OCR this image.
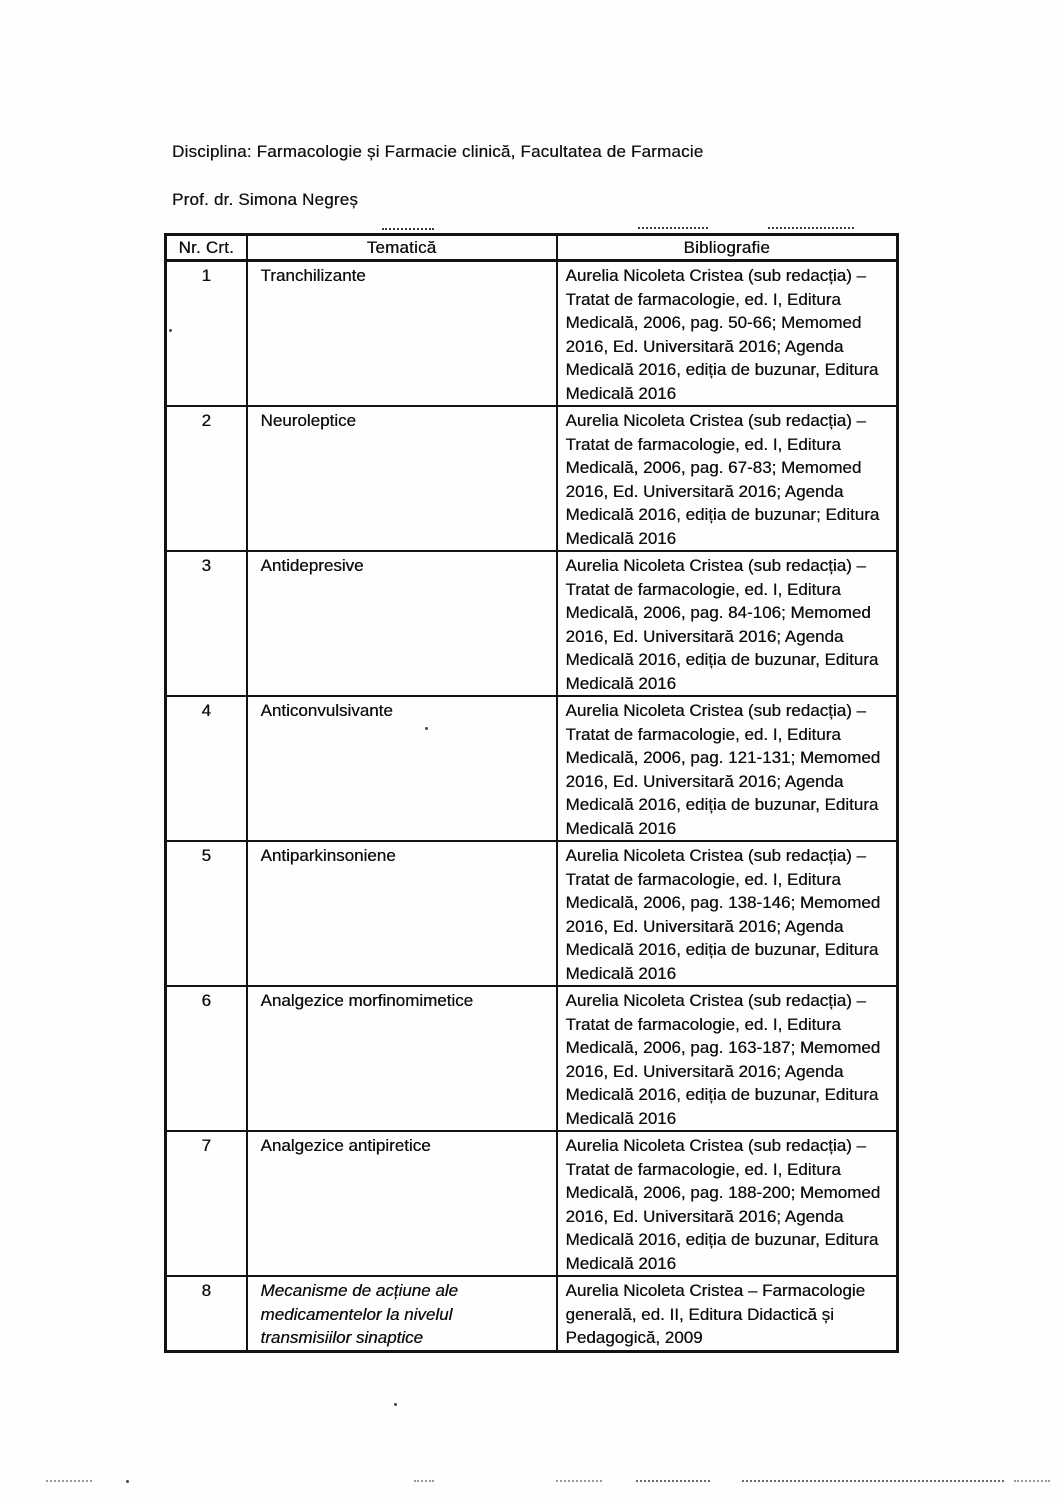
Disciplina: Farmacologie și Farmacie clinică, Facultatea de Farmacie
Prof. dr. Simona Negreș
Nr. Crt.	Tematică	Bibliografie
1	Tranchilizante	Aurelia Nicoleta Cristea (sub redacția) – Tratat de farmacologie, ed. I, Editura Medicală, 2006, pag. 50-66; Memomed 2016, Ed. Universitară 2016; Agenda Medicală 2016, ediția de buzunar, Editura Medicală 2016
2	Neuroleptice	Aurelia Nicoleta Cristea (sub redacția) – Tratat de farmacologie, ed. I, Editura Medicală, 2006, pag. 67-83; Memomed 2016, Ed. Universitară 2016; Agenda Medicală 2016, ediția de buzunar; Editura Medicală 2016
3	Antidepresive	Aurelia Nicoleta Cristea (sub redacția) – Tratat de farmacologie, ed. I, Editura Medicală, 2006, pag. 84-106; Memomed 2016, Ed. Universitară 2016; Agenda Medicală 2016, ediția de buzunar, Editura Medicală 2016
4	Anticonvulsivante	Aurelia Nicoleta Cristea (sub redacția) – Tratat de farmacologie, ed. I, Editura Medicală, 2006, pag. 121-131; Memomed 2016, Ed. Universitară 2016; Agenda Medicală 2016, ediția de buzunar, Editura Medicală 2016
5	Antiparkinsoniene	Aurelia Nicoleta Cristea (sub redacția) – Tratat de farmacologie, ed. I, Editura Medicală, 2006, pag. 138-146; Memomed 2016, Ed. Universitară 2016; Agenda Medicală 2016, ediția de buzunar, Editura Medicală 2016
6	Analgezice morfinomimetice	Aurelia Nicoleta Cristea (sub redacția) – Tratat de farmacologie, ed. I, Editura Medicală, 2006, pag. 163-187; Memomed 2016, Ed. Universitară 2016; Agenda Medicală 2016, ediția de buzunar, Editura Medicală 2016
7	Analgezice antipiretice	Aurelia Nicoleta Cristea (sub redacția) – Tratat de farmacologie, ed. I, Editura Medicală, 2006, pag. 188-200; Memomed 2016, Ed. Universitară 2016; Agenda Medicală 2016, ediția de buzunar, Editura Medicală 2016
8	Mecanisme de acțiune ale medicamentelor la nivelul transmisiilor sinaptice	Aurelia Nicoleta Cristea – Farmacologie generală, ed. II, Editura Didactică și Pedagogică, 2009
